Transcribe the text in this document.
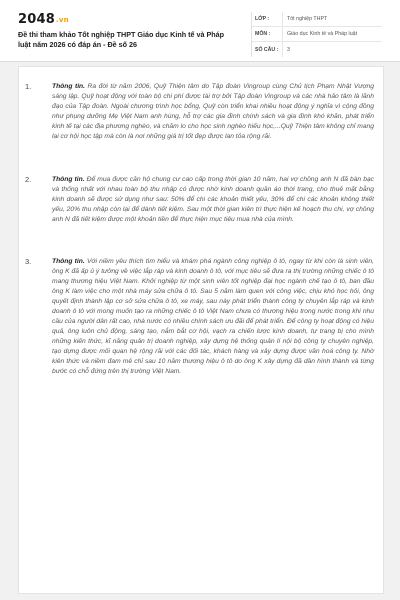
2048.vn
Đề thi tham khảo Tốt nghiệp THPT Giáo dục Kinh tế và Pháp luật năm 2026 có đáp án - Đề số 26
LỚP :	Tốt nghiệp THPT
MÔN :	Giáo dục Kinh tế và Pháp luật
SỐ CÂU :	3
1.	Thông tin. Ra đời từ năm 2006, Quỹ Thiện tâm do Tập đoàn Vingroup cùng Chủ tịch Phạm Nhật Vượng sáng lập. Quỹ hoạt động với toàn bộ chi phí được tài trợ bởi Tập đoàn Vingroup và các nhà hảo tâm là lãnh đạo của Tập đoàn. Ngoài chương trình học bổng, Quỹ còn triển khai nhiều hoạt động ý nghĩa vì cộng đồng như phụng dưỡng Mẹ Việt Nam anh hùng, hỗ trợ các gia đình chính sách và gia đình khó khăn, phát triển kinh tế tại các địa phương nghèo, và chăm lo cho học sinh nghèo hiếu học,...Quỹ Thiện tâm không chỉ mang lại cơ hội học tập mà còn là nơi những giá trị tốt đẹp được lan tỏa rộng rãi.
2.	Thông tin. Để mua được căn hộ chung cư cao cấp trong thời gian 10 năm, hai vợ chồng anh N đã bàn bạc và thống nhất với nhau toàn bộ thu nhập có được nhờ kinh doanh quần áo thời trang, cho thuê mặt bằng kinh doanh sẽ được sử dụng như sau: 50% để chi các khoản thiết yếu, 30% để chi các khoản không thiết yếu, 20% thu nhập còn lại để dành tiết kiệm. Sau một thời gian kiên trì thực hiện kế hoạch thu chi, vợ chồng anh N đã tiết kiệm được một khoản tiền để thực hiện mục tiêu mua nhà của mình.
3.	Thông tin. Với niềm yêu thích tìm hiểu và khám phá ngành công nghiệp ô tô, ngay từ khi còn là sinh viên, ông K đã ấp ủ ý tưởng về việc lắp ráp và kinh doanh ô tô, với mục tiêu sẽ đưa ra thị trường những chiếc ô tô mang thương hiệu Việt Nam. Khởi nghiệp từ một sinh viên tốt nghiệp đại học ngành chế tạo ô tô, ban đầu ông K làm việc cho một nhà máy sửa chữa ô tô. Sau 5 năm làm quen với công việc, chịu khó học hỏi, ông quyết định thành lập cơ sở sửa chữa ô tô, xe máy, sau này phát triển thành công ty chuyên lắp ráp và kinh doanh ô tô với mong muốn tạo ra những chiếc ô tô Việt Nam chưa có thương hiệu trong nước trong khi nhu cầu của người dân rất cao, nhà nước có nhiều chính sách ưu đãi để phát triển. Để công ty hoạt động có hiệu quả, ông luôn chủ động, sáng tạo, nắm bắt cơ hội, vạch ra chiến lược kinh doanh, tự trang bị cho mình những kiến thức, kĩ năng quản trị doanh nghiệp, xây dựng hệ thống quản lí nội bộ công ty chuyên nghiệp, tạo dựng được mối quan hệ rộng rãi với các đối tác, khách hàng và xây dựng được văn hoá công ty. Nhờ kiên thức và niềm đam mê chỉ sau 10 năm thương hiệu ô tô do ông K xây dựng đã dần hình thành và từng bước có chỗ đứng trên thị trường Việt Nam.
